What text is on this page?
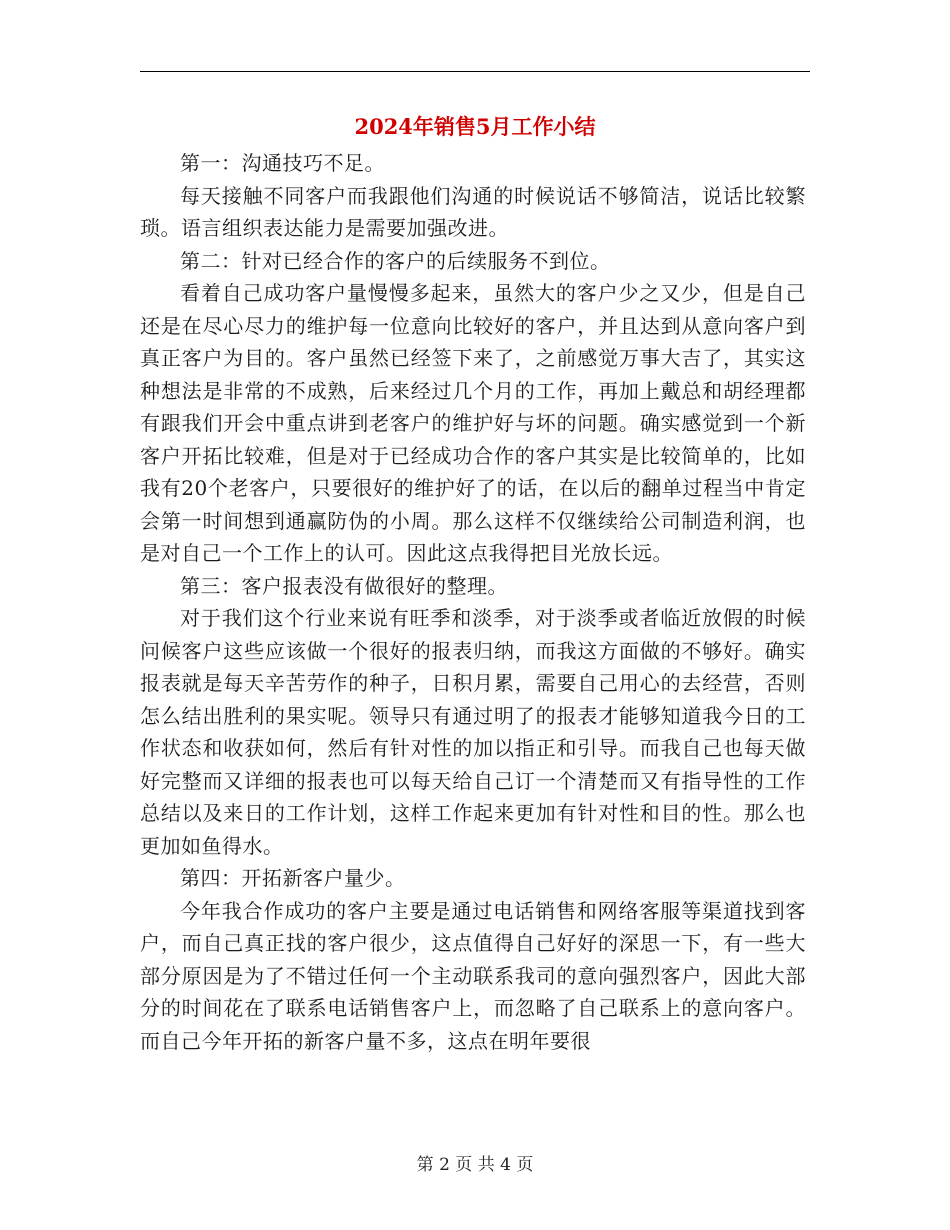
2024年销售5月工作小结

第一：沟通技巧不足。

每天接触不同客户而我跟他们沟通的时候说话不够简洁，说话比较繁琐。语言组织表达能力是需要加强改进。

第二：针对已经合作的客户的后续服务不到位。

看着自己成功客户量慢慢多起来，虽然大的客户少之又少，但是自己还是在尽心尽力的维护每一位意向比较好的客户，并且达到从意向客户到真正客户为目的。客户虽然已经签下来了，之前感觉万事大吉了，其实这种想法是非常的不成熟，后来经过几个月的工作，再加上戴总和胡经理都有跟我们开会中重点讲到老客户的维护好与坏的问题。确实感觉到一个新客户开拓比较难，但是对于已经成功合作的客户其实是比较简单的，比如我有20个老客户，只要很好的维护好了的话，在以后的翻单过程当中肯定会第一时间想到通赢防伪的小周。那么这样不仅继续给公司制造利润，也是对自己一个工作上的认可。因此这点我得把目光放长远。

第三：客户报表没有做很好的整理。

对于我们这个行业来说有旺季和淡季，对于淡季或者临近放假的时候问候客户这些应该做一个很好的报表归纳，而我这方面做的不够好。确实报表就是每天辛苦劳作的种子，日积月累，需要自己用心的去经营，否则怎么结出胜利的果实呢。领导只有通过明了的报表才能够知道我今日的工作状态和收获如何，然后有针对性的加以指正和引导。而我自己也每天做好完整而又详细的报表也可以每天给自己订一个清楚而又有指导性的工作总结以及来日的工作计划，这样工作起来更加有针对性和目的性。那么也更加如鱼得水。

第四：开拓新客户量少。

今年我合作成功的客户主要是通过电话销售和网络客服等渠道找到客户，而自己真正找的客户很少，这点值得自己好好的深思一下，有一些大部分原因是为了不错过任何一个主动联系我司的意向强烈客户，因此大部分的时间花在了联系电话销售客户上，而忽略了自己联系上的意向客户。而自己今年开拓的新客户量不多，这点在明年要很

第 2 页 共 4 页
